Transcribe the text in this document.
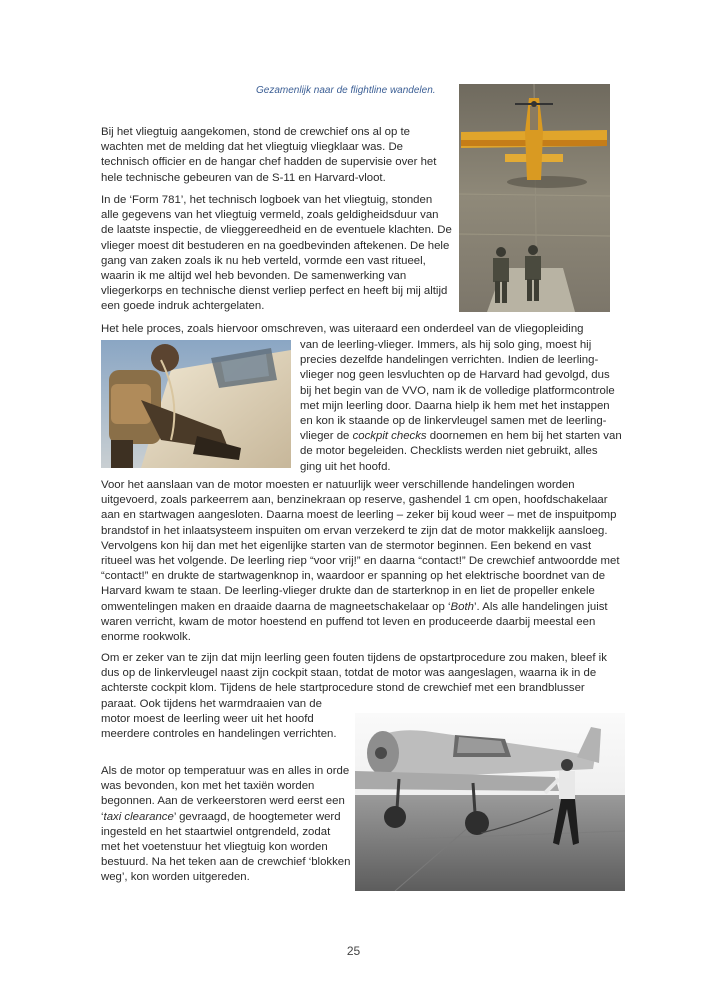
Gezamenlijk naar de flightline wandelen.

Bij het vliegtuig aangekomen, stond de crewchief ons al op te wachten met de melding dat het vliegtuig vliegklaar was. De technisch officier en de hangar chef hadden de supervisie over het hele technische gebeuren van de S-11 en Harvard-vloot.

In de ‘Form 781’, het technisch logboek van het vliegtuig, stonden alle gegevens van het vliegtuig vermeld, zoals geldigheidsduur van de laatste inspectie, de vlieggereedheid en de eventuele klachten. De vlieger moest dit bestuderen en na goedbevinden aftekenen. De hele gang van zaken zoals ik nu heb verteld, vormde een vast ritueel, waarin ik me altijd wel heb bevonden. De samenwerking van vliegerkorps en technische dienst verliep perfect en heeft bij mij altijd een goede indruk achtergelaten.

Het hele proces, zoals hiervoor omschreven, was uiteraard een onderdeel van de vliegopleiding

van de leerling-vlieger. Immers, als hij solo ging, moest hij precies dezelfde handelingen verrichten. Indien de leerling-vlieger nog geen lesvluchten op de Harvard had gevolgd, dus bij het begin van de VVO, nam ik de volledige platformcontrole met mijn leerling door. Daarna hielp ik hem met het instappen en kon ik staande op de linkervleugel samen met de leerling-vlieger de cockpit checks doornemen en hem bij het starten van de motor begeleiden. Checklists werden niet gebruikt, alles ging uit het hoofd.

Voor het aanslaan van de motor moesten er natuurlijk weer verschillende handelingen worden uitgevoerd, zoals parkeerrem aan, benzinekraan op reserve, gashendel 1 cm open, hoofdschakelaar aan en startwagen aangesloten. Daarna moest de leerling – zeker bij koud weer – met de inspuitpomp brandstof in het inlaatsysteem inspuiten om ervan verzekerd te zijn dat de motor makkelijk aansloeg. Vervolgens kon hij dan met het eigenlijke starten van de stermotor beginnen. Een bekend en vast ritueel was het volgende. De leerling riep “voor vrij!” en daarna “contact!” De crewchief antwoordde met “contact!” en drukte de startwagenknop in, waardoor er spanning op het elektrische boordnet van de Harvard kwam te staan. De leerling-vlieger drukte dan de starterknop in en liet de propeller enkele omwentelingen maken en draaide daarna de magneetschakelaar op ‘Both’. Als alle handelingen juist waren verricht, kwam de motor hoestend en puffend tot leven en produceerde daarbij meestal een enorme rookwolk.

Om er zeker van te zijn dat mijn leerling geen fouten tijdens de opstartprocedure zou maken, bleef ik dus op de linkervleugel naast zijn cockpit staan, totdat de motor was aangeslagen, waarna ik in de achterste cockpit klom. Tijdens de hele startprocedure stond de crewchief met een brandblusser

paraat. Ook tijdens het warmdraaien van de motor moest de leerling weer uit het hoofd meerdere controles en handelingen verrichten.

Als de motor op temperatuur was en alles in orde was bevonden, kon met het taxiën worden begonnen. Aan de verkeerstoren werd eerst een ‘taxi clearance’ gevraagd, de hoogtemeter werd ingesteld en het staartwiel ontgrendeld, zodat met het voetenstuur het vliegtuig kon worden bestuurd. Na het teken aan de crewchief ‘blokken weg’, kon worden uitgereden.

25
